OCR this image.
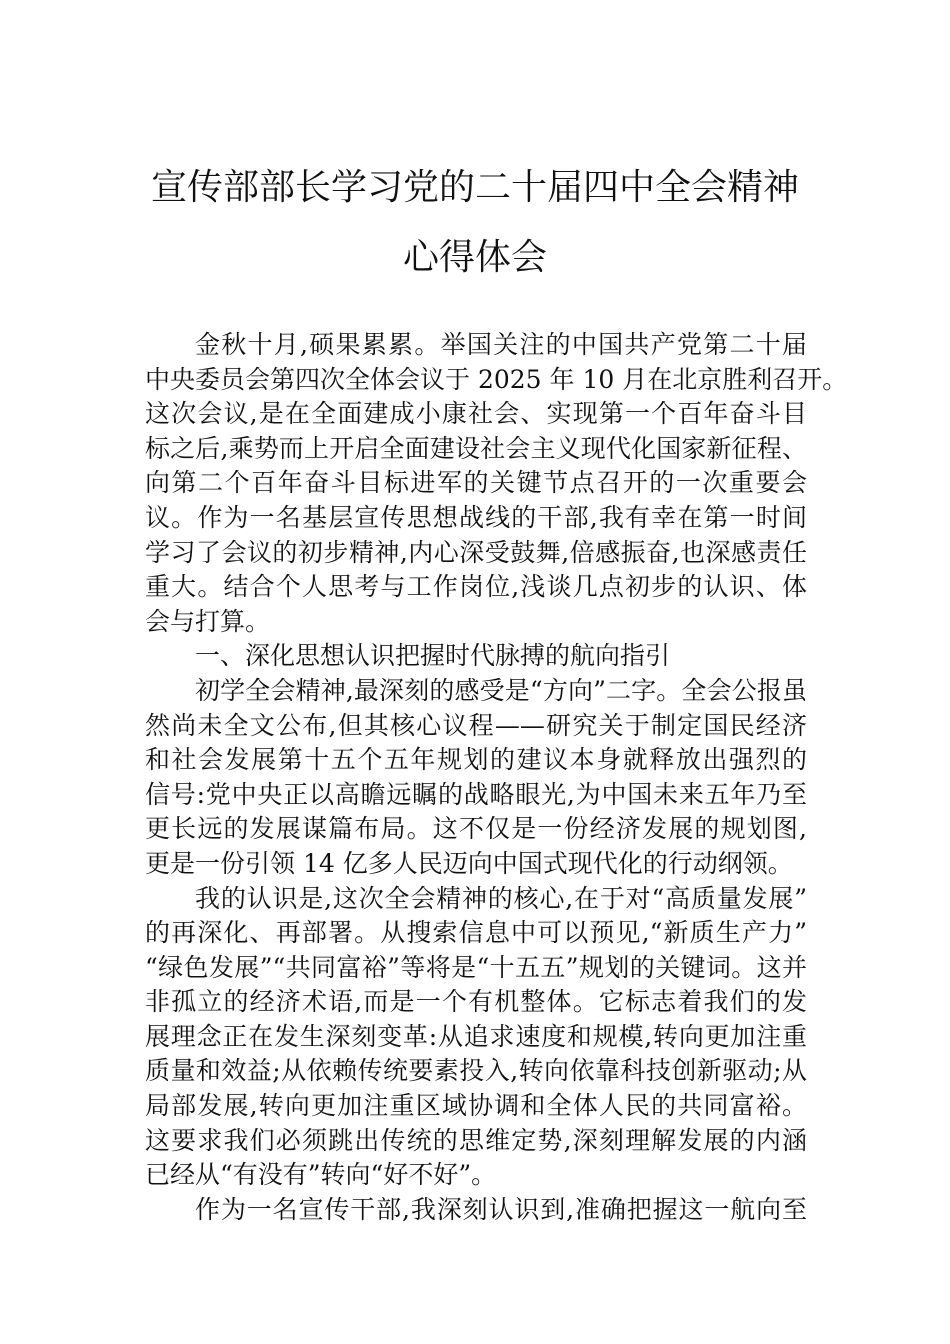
宣传部部长学习党的二十届四中全会精神
心得体会
金秋十月,硕果累累。举国关注的中国共产党第二十届
中央委员会第四次全体会议于 2025 年 10 月在北京胜利召开。
这次会议,是在全面建成小康社会、实现第一个百年奋斗目
标之后,乘势而上开启全面建设社会主义现代化国家新征程、
向第二个百年奋斗目标进军的关键节点召开的一次重要会
议。作为一名基层宣传思想战线的干部,我有幸在第一时间
学习了会议的初步精神,内心深受鼓舞,倍感振奋,也深感责任
重大。结合个人思考与工作岗位,浅谈几点初步的认识、体
会与打算。
一、深化思想认识把握时代脉搏的航向指引
初学全会精神,最深刻的感受是“方向”二字。全会公报虽
然尚未全文公布,但其核心议程——研究关于制定国民经济
和社会发展第十五个五年规划的建议本身就释放出强烈的
信号:党中央正以高瞻远瞩的战略眼光,为中国未来五年乃至
更长远的发展谋篇布局。这不仅是一份经济发展的规划图,
更是一份引领 14 亿多人民迈向中国式现代化的行动纲领。
我的认识是,这次全会精神的核心,在于对“高质量发展”
的再深化、再部署。从搜索信息中可以预见,“新质生产力”
“绿色发展”“共同富裕”等将是“十五五”规划的关键词。这并
非孤立的经济术语,而是一个有机整体。它标志着我们的发
展理念正在发生深刻变革:从追求速度和规模,转向更加注重
质量和效益;从依赖传统要素投入,转向依靠科技创新驱动;从
局部发展,转向更加注重区域协调和全体人民的共同富裕。
这要求我们必须跳出传统的思维定势,深刻理解发展的内涵
已经从“有没有”转向“好不好”。
作为一名宣传干部,我深刻认识到,准确把握这一航向至
